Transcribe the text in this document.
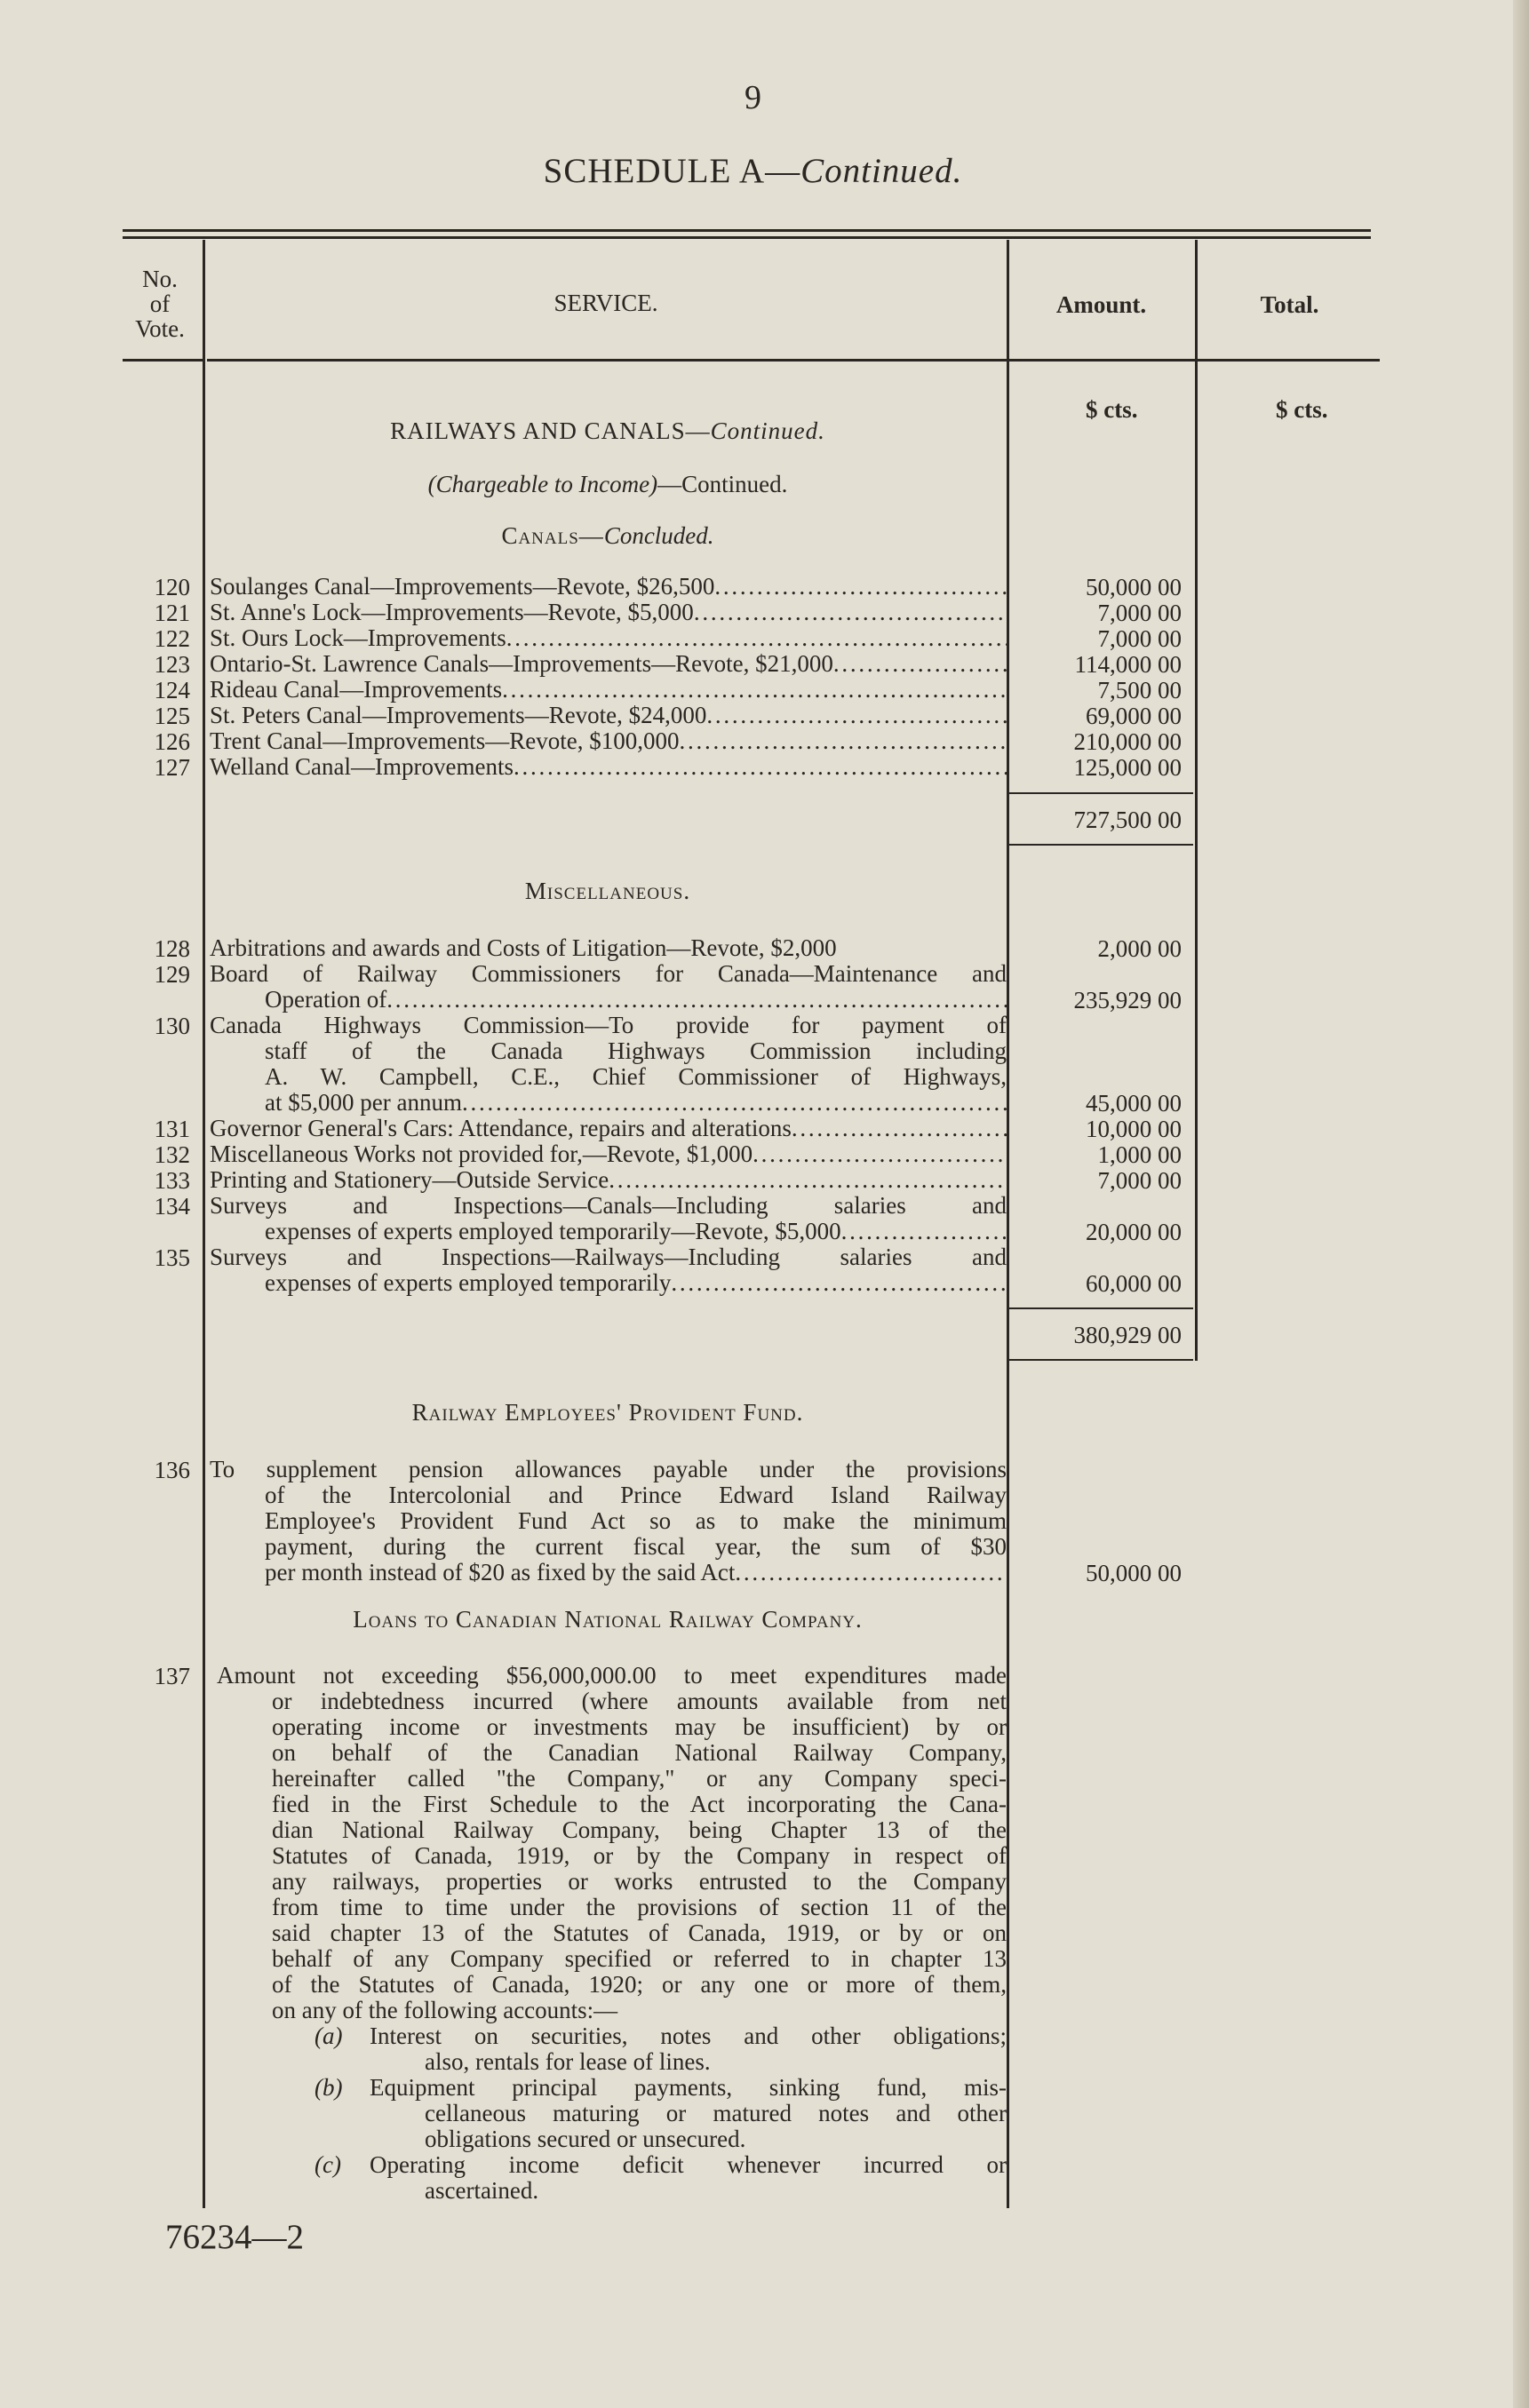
9
SCHEDULE A—Continued.
No.
of
Vote.
SERVICE.	Amount.	Total.
$ cts.	$ cts.
RAILWAYS AND CANALS—Continued.
(Chargeable to Income)—Continued.
Canals—Concluded.
120
121
122
123
124
125
126
127
Soulanges Canal—Improvements—Revote, $26,500
. . .
St. Anne's Lock—Improvements—Revote, $5,000
. . .
St. Ours Lock—Improvements
. . .
Ontario-St. Lawrence Canals—Improvements—Revote, $21,000
. . .
Rideau Canal—Improvements
. . .
St. Peters Canal—Improvements—Revote, $24,000
. . .
Trent Canal—Improvements—Revote, $100,000
. . .
Welland Canal—Improvements
. . .
50,000 00
7,000 00
7,000 00
114,000 00
7,500 00
69,000 00
210,000 00
125,000 00
727,500 00
Miscellaneous.
128
129
130
131
132
133
134
135
Arbitrations and awards and Costs of Litigation—Revote, $2,000
Board of Railway Commissioners for Canada—Maintenance and
Operation of
. . .
Canada Highways Commission—To provide for payment of
staff of the Canada Highways Commission including
A. W. Campbell, C.E., Chief Commissioner of Highways,
at $5,000 per annum
. . .
Governor General's Cars: Attendance, repairs and alterations
. . .
Miscellaneous Works not provided for,—Revote, $1,000
. . .
Printing and Stationery—Outside Service
. . .
Surveys and Inspections—Canals—Including salaries and
expenses of experts employed temporarily—Revote, $5,000
. . .
Surveys and Inspections—Railways—Including salaries and
expenses of experts employed temporarily
. . .
2,000 00
235,929 00
45,000 00
10,000 00
1,000 00
7,000 00
20,000 00
60,000 00
380,929 00
Railway Employees' Provident Fund.
136 To supplement pension allowances payable under the provisions
of the Intercolonial and Prince Edward Island Railway
Employee's Provident Fund Act so as to make the minimum
payment, during the current fiscal year, the sum of $30
per month instead of $20 as fixed by the said Act
. . .	50,000 00
Loans to Canadian National Railway Company.
137 Amount not exceeding $56,000,000.00 to meet expenditures made
or indebtedness incurred (where amounts available from net
operating income or investments may be insufficient) by or
on behalf of the Canadian National Railway Company,
hereinafter called "the Company," or any Company speci-
fied in the First Schedule to the Act incorporating the Cana-
dian National Railway Company, being Chapter 13 of the
Statutes of Canada, 1919, or by the Company in respect of
any railways, properties or works entrusted to the Company
from time to time under the provisions of section 11 of the
said chapter 13 of the Statutes of Canada, 1919, or by or on
behalf of any Company specified or referred to in chapter 13
of the Statutes of Canada, 1920; or any one or more of them,
on any of the following accounts:—
(a)	Interest on securities, notes and other obligations;
also, rentals for lease of lines.
(b)	Equipment principal payments, sinking fund, mis-
cellaneous maturing or matured notes and other
obligations secured or unsecured.
(c)	Operating income deficit whenever incurred or
ascertained.
76234—2
